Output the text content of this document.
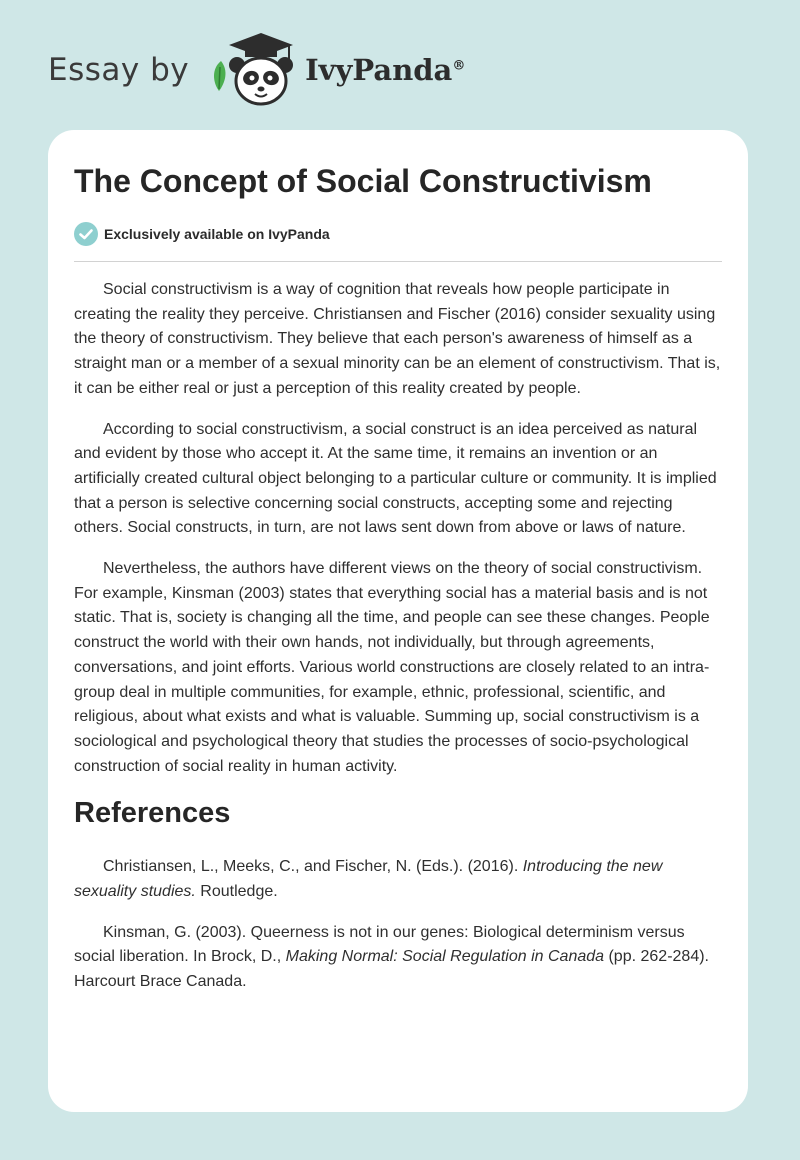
Essay by	IvyPanda®
The Concept of Social Constructivism
Exclusively available on IvyPanda

Social constructivism is a way of cognition that reveals how people participate in creating the reality they perceive. Christiansen and Fischer (2016) consider sexuality using the theory of constructivism. They believe that each person's awareness of himself as a straight man or a member of a sexual minority can be an element of constructivism. That is, it can be either real or just a perception of this reality created by people.

According to social constructivism, a social construct is an idea perceived as natural and evident by those who accept it. At the same time, it remains an invention or an artificially created cultural object belonging to a particular culture or community. It is implied that a person is selective concerning social constructs, accepting some and rejecting others. Social constructs, in turn, are not laws sent down from above or laws of nature.

Nevertheless, the authors have different views on the theory of social constructivism. For example, Kinsman (2003) states that everything social has a material basis and is not static. That is, society is changing all the time, and people can see these changes. People construct the world with their own hands, not individually, but through agreements, conversations, and joint efforts. Various world constructions are closely related to an intra-group deal in multiple communities, for example, ethnic, professional, scientific, and religious, about what exists and what is valuable. Summing up, social constructivism is a sociological and psychological theory that studies the processes of socio-psychological construction of social reality in human activity.

References

Christiansen, L., Meeks, C., and Fischer, N. (Eds.). (2016). Introducing the new sexuality studies. Routledge.

Kinsman, G. (2003). Queerness is not in our genes: Biological determinism versus social liberation. In Brock, D., Making Normal: Social Regulation in Canada (pp. 262-284). Harcourt Brace Canada.
